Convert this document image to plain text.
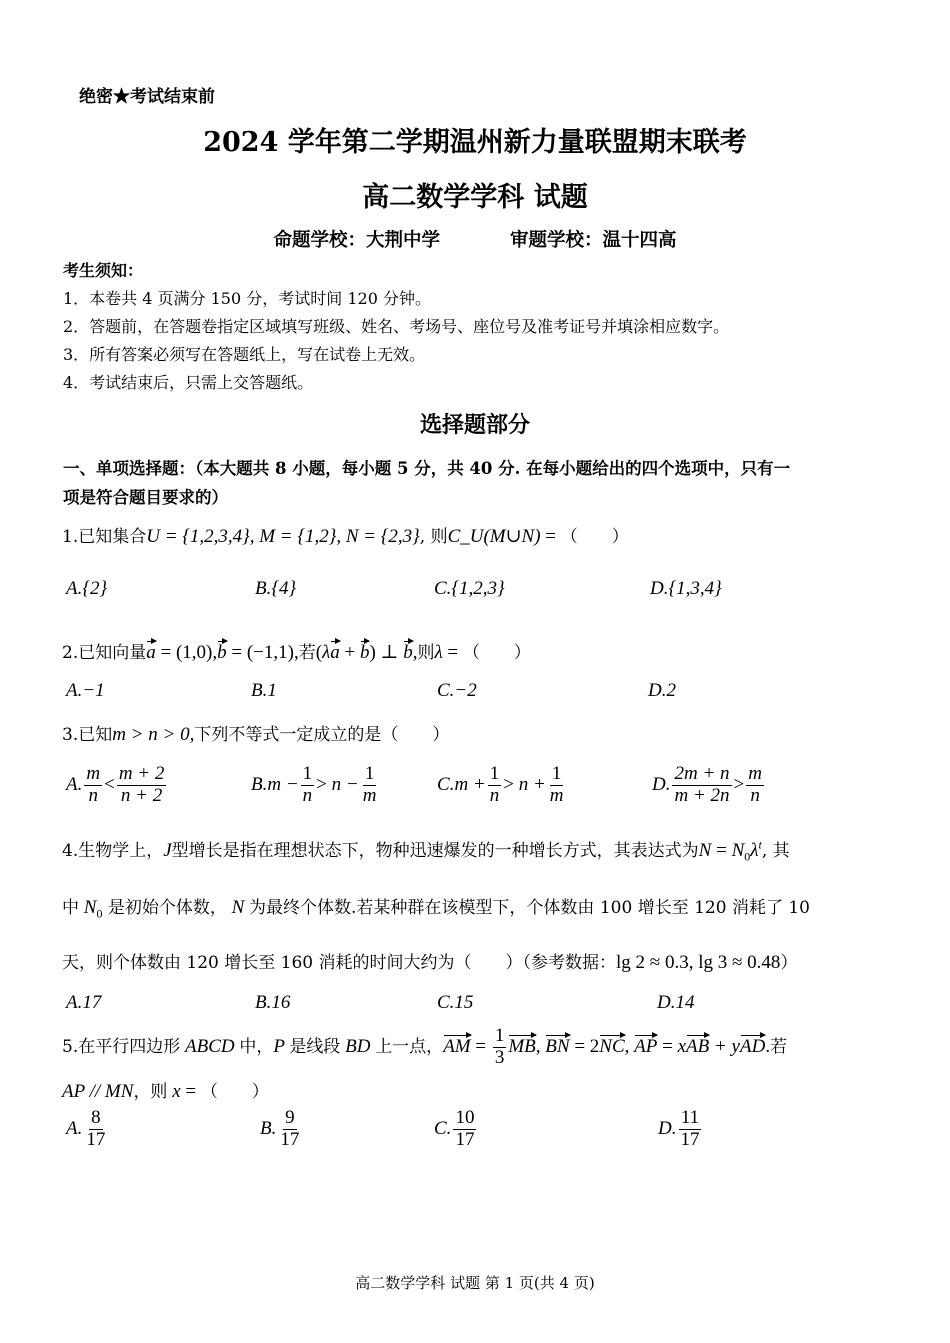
绝密★考试结束前
2024 学年第二学期温州新力量联盟期末联考
高二数学学科 试题
命题学校：大荆中学	审题学校：温十四高
考生须知：
1．本卷共 4 页满分 150 分，考试时间 120 分钟。
2．答题前，在答题卷指定区域填写班级、姓名、考场号、座位号及准考证号并填涂相应数字。
3．所有答案必须写在答题纸上，写在试卷上无效。
4．考试结束后，只需上交答题纸。
选择题部分
一、单项选择题：（本大题共 8 小题，每小题 5 分，共 40 分. 在每小题给出的四个选项中，只有一
项是符合题目要求的）
1.已知集合U = {1,2,3,4}, M = {1,2}, N = {2,3}, 则C_U(M∪N) = （　　）
A.{2}	B.{4}	C.{1,2,3}	D.{1,3,4}
2.已知向量a = (1,0),b = (−1,1),若(λa + b) ⊥ b,则λ = （　　）
A.−1	B.1	C.−2	D.2
3.已知m > n > 0,下列不等式一定成立的是（　　）
A. $\frac{m}{n} < \frac{m + 2}{n + 2}$	$B.m - \frac{1}{n} > n - \frac{1}{m}$	$C.m + \frac{1}{n} > n + \frac{1}{m}$	D. $\frac{2m + n}{m + 2n} > \frac{m}{n}$
4.生物学上，J型增长是指在理想状态下，物种迅速爆发的一种增长方式，其表达式为$N = N_0\lambda^t$, 其
中 $N_0$ 是初始个体数， N 为最终个体数.若某种群在该模型下，个体数由 100 增长至 120 消耗了 10
天，则个体数由 120 增长至 160 消耗的时间大约为（　　）（参考数据：lg 2 ≈ 0.3, lg 3 ≈ 0.48）
A.17	B.16	C.15	D.14
5.在平行四边形 ABCD 中，P 是线段 BD 上一点，AM = $\frac{1}{3}$ MB, BN = 2NC, AP = xAB + yAD.若
AP // MN，则 x = （　　）
A. $\frac{8}{17}$	B. $\frac{9}{17}$	C. $\frac{10}{17}$	D. $\frac{11}{17}$
高二数学学科 试题 第 1 页(共 4 页)
